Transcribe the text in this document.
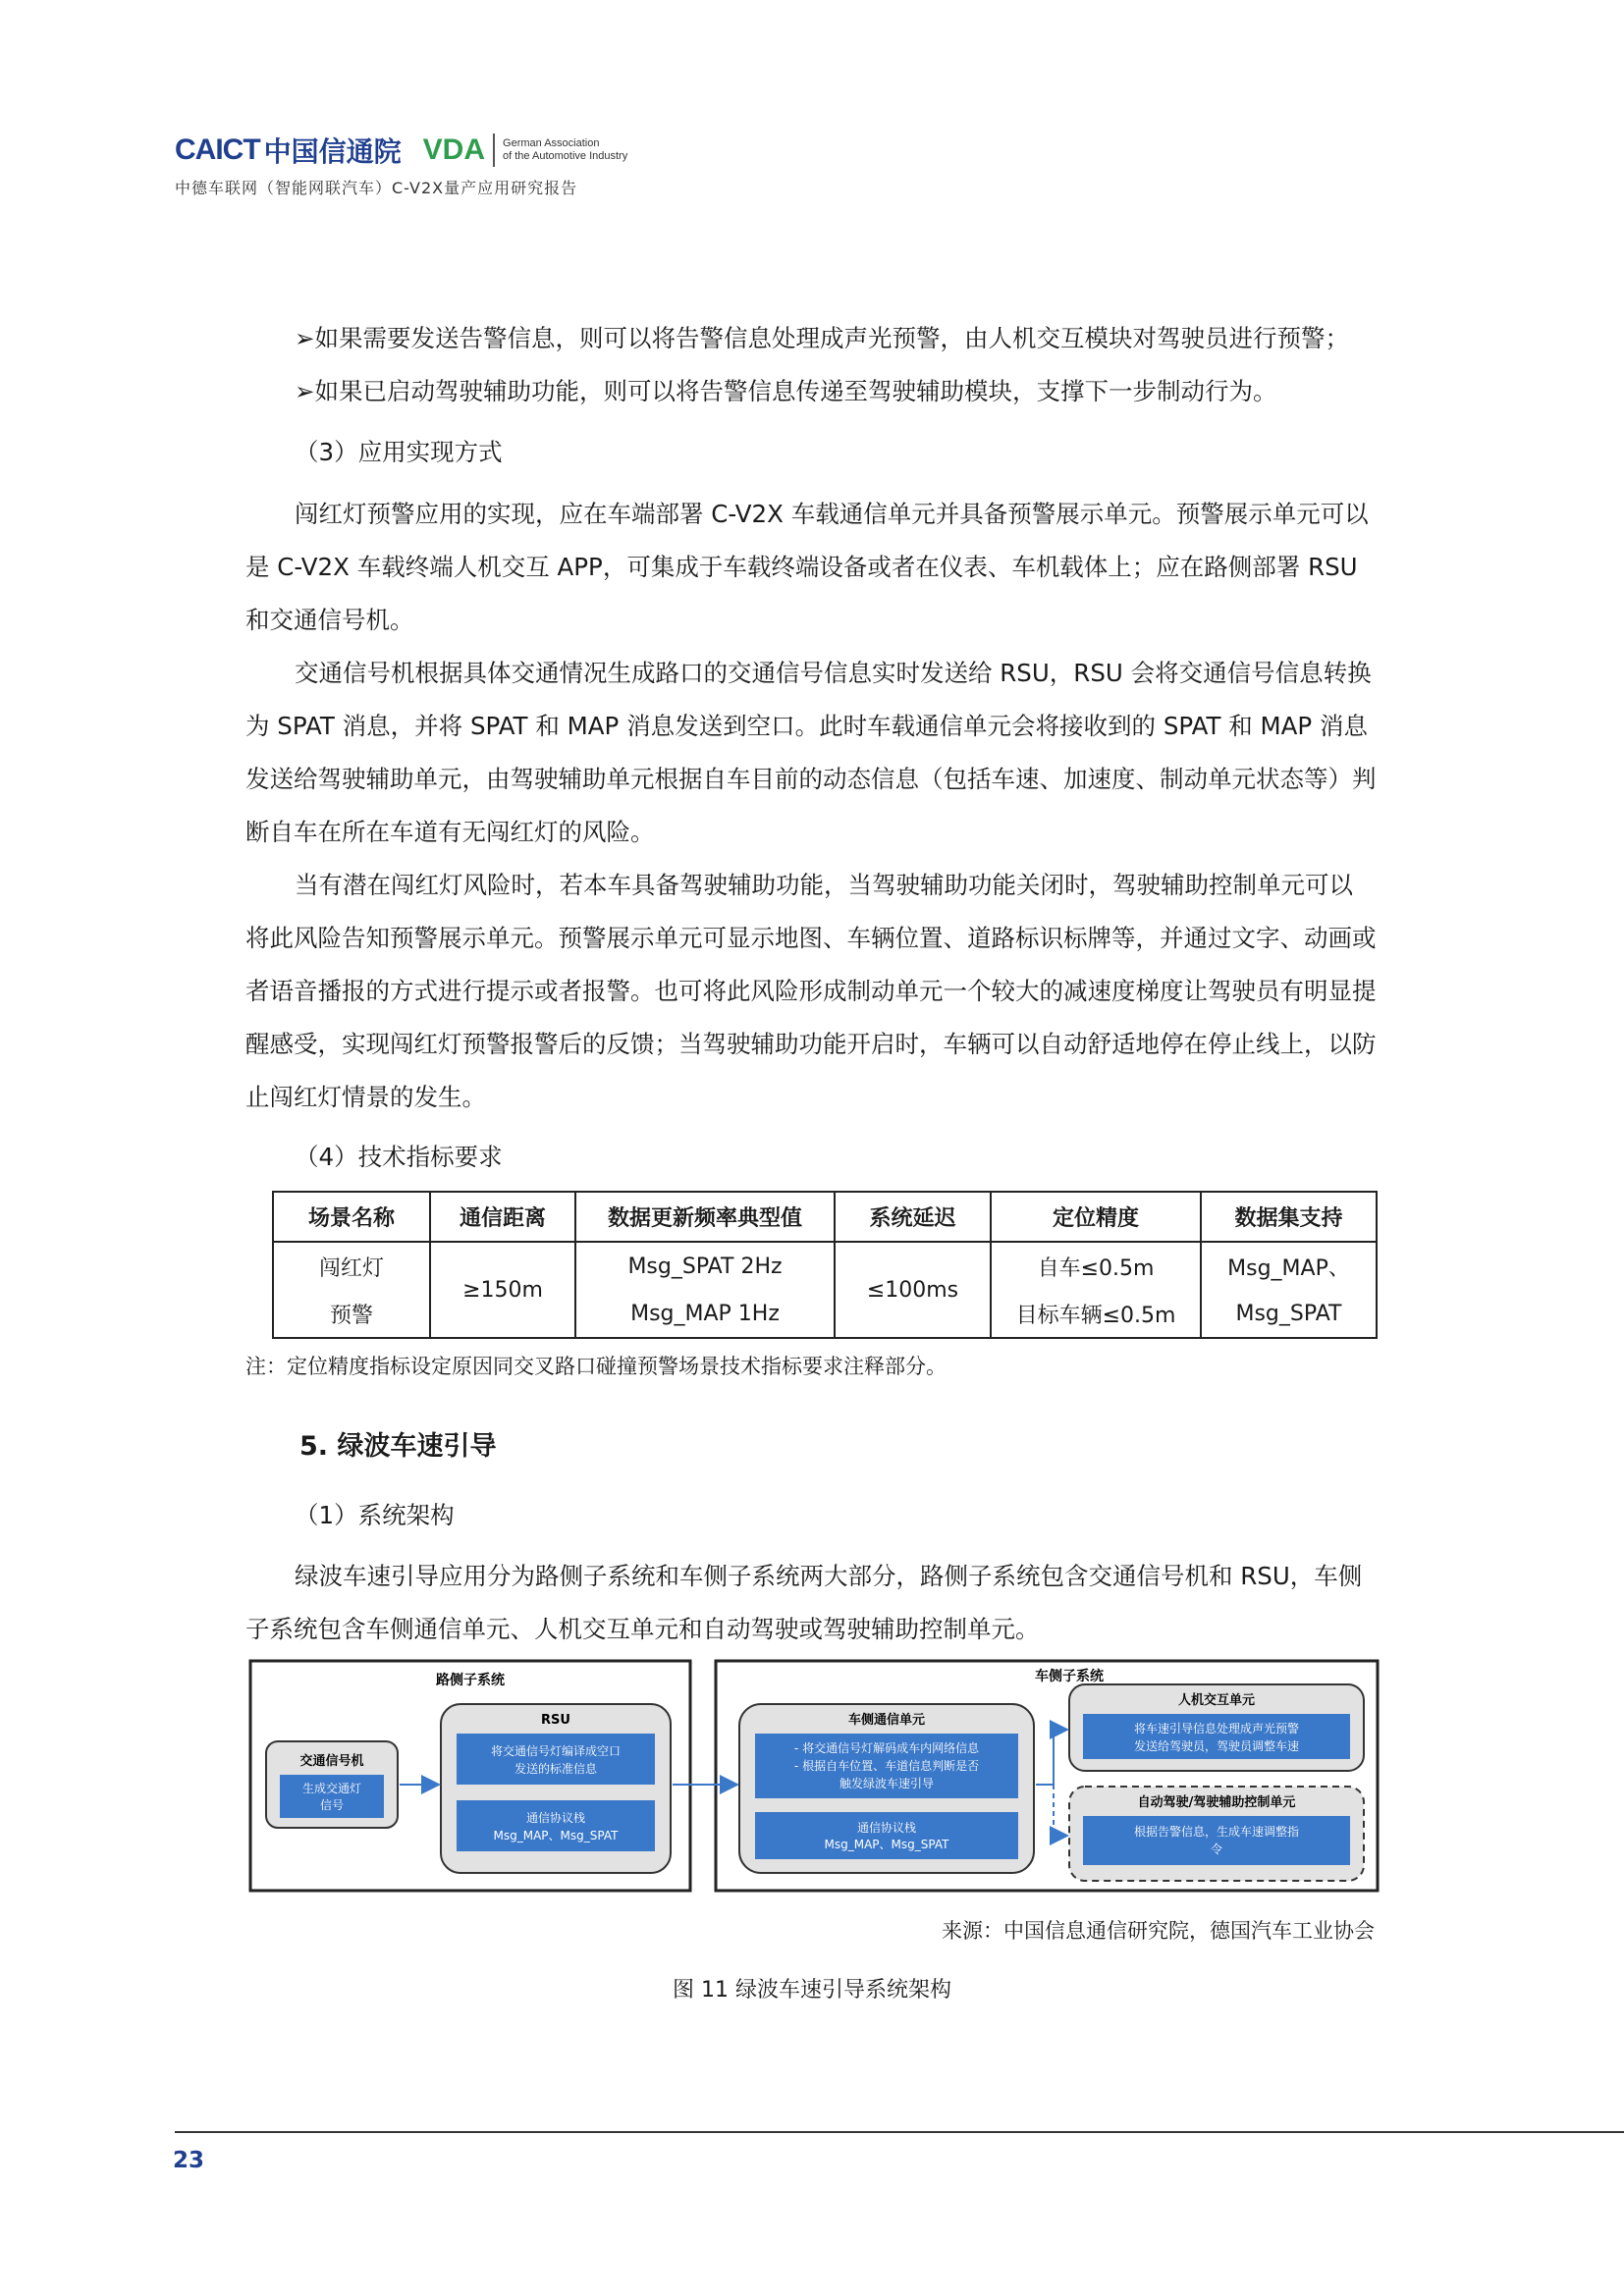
CAICT 中国信通院 VDA German Association
of the Automotive Industry
中德车联网（智能网联汽车）C-V2X量产应用研究报告
➢如果需要发送告警信息，则可以将告警信息处理成声光预警，由人机交互模块对驾驶员进行预警；
➢如果已启动驾驶辅助功能，则可以将告警信息传递至驾驶辅助模块，支撑下一步制动行为。
（3）应用实现方式
闯红灯预警应用的实现，应在车端部署 C-V2X 车载通信单元并具备预警展示单元。预警展示单元可以是 C-V2X 车载终端人机交互 APP，可集成于车载终端设备或者在仪表、车机载体上；应在路侧部署 RSU 和交通信号机。
交通信号机根据具体交通情况生成路口的交通信号信息实时发送给 RSU，RSU 会将交通信号信息转换为 SPAT 消息，并将 SPAT 和 MAP 消息发送到空口。此时车载通信单元会将接收到的 SPAT 和 MAP 消息发送给驾驶辅助单元，由驾驶辅助单元根据自车目前的动态信息（包括车速、加速度、制动单元状态等）判断自车在所在车道有无闯红灯的风险。
当有潜在闯红灯风险时，若本车具备驾驶辅助功能，当驾驶辅助功能关闭时，驾驶辅助控制单元可以将此风险告知预警展示单元。预警展示单元可显示地图、车辆位置、道路标识标牌等，并通过文字、动画或者语音播报的方式进行提示或者报警。也可将此风险形成制动单元一个较大的减速度梯度让驾驶员有明显提醒感受，实现闯红灯预警报警后的反馈；当驾驶辅助功能开启时，车辆可以自动舒适地停在停止线上，以防止闯红灯情景的发生。
（4）技术指标要求
场景名称	通信距离	数据更新频率典型值	系统延迟	定位精度	数据集支持
闯红灯	≥150m	Msg_SPAT 2Hz	≤100ms	自车≤0.5m	Msg_MAP、
预警		Msg_MAP 1Hz		目标车辆≤0.5m	Msg_SPAT
注：定位精度指标设定原因同交叉路口碰撞预警场景技术指标要求注释部分。
5. 绿波车速引导
（1）系统架构
绿波车速引导应用分为路侧子系统和车侧子系统两大部分，路侧子系统包含交通信号机和 RSU，车侧子系统包含车侧通信单元、人机交互单元和自动驾驶或驾驶辅助控制单元。
路侧子系统
交通信号机
生成交通灯
信号
RSU
将交通信号灯编译成空口
发送的标准信息
通信协议栈
Msg_MAP、Msg_SPAT
车侧子系统
车侧通信单元
- 将交通信号灯解码成车内网络信息
- 根据自车位置、车道信息判断是否
触发绿波车速引导
通信协议栈
Msg_MAP、Msg_SPAT
人机交互单元
将车速引导信息处理成声光预警
发送给驾驶员，驾驶员调整车速
自动驾驶/驾驶辅助控制单元
根据告警信息，生成车速调整指
令
来源：中国信息通信研究院，德国汽车工业协会
图 11 绿波车速引导系统架构
23
